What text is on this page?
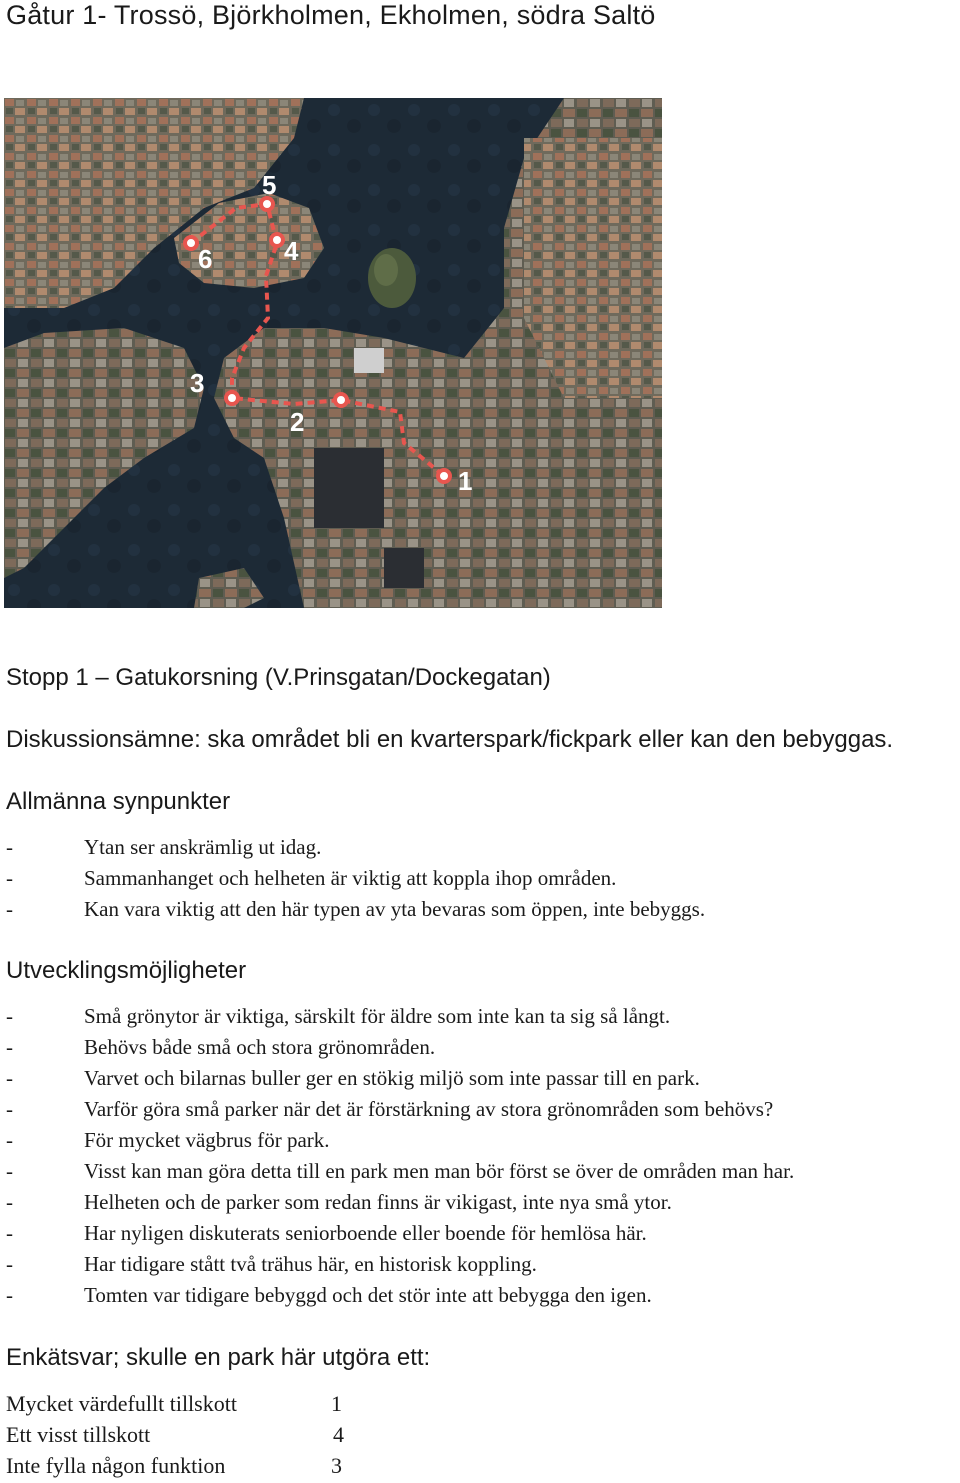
Gåtur 1- Trossö, Björkholmen, Ekholmen, södra Saltö
5
6	4
3
2
1
Stopp 1 – Gatukorsning (V.Prinsgatan/Dockegatan)
Diskussionsämne: ska området bli en kvarterspark/fickpark eller kan den bebyggas.
Allmänna synpunkter
-	Ytan ser anskrämlig ut idag.
-	Sammanhanget och helheten är viktig att koppla ihop områden.
-	Kan vara viktig att den här typen av yta bevaras som öppen, inte bebyggs.
Utvecklingsmöjligheter
-	Små grönytor är viktiga, särskilt för äldre som inte kan ta sig så långt.
-	Behövs både små och stora grönområden.
-	Varvet och bilarnas buller ger en stökig miljö som inte passar till en park.
-	Varför göra små parker när det är förstärkning av stora grönområden som behövs?
-	För mycket vägbrus för park.
-	Visst kan man göra detta till en park men man bör först se över de områden man har.
-	Helheten och de parker som redan finns är vikigast, inte nya små ytor.
-	Har nyligen diskuterats seniorboende eller boende för hemlösa här.
-	Har tidigare stått två trähus här, en historisk koppling.
-	Tomten var tidigare bebyggd och det stör inte att bebygga den igen.
Enkätsvar; skulle en park här utgöra ett:
Mycket värdefullt tillskott	1
Ett visst tillskott	4
Inte fylla någon funktion	3
